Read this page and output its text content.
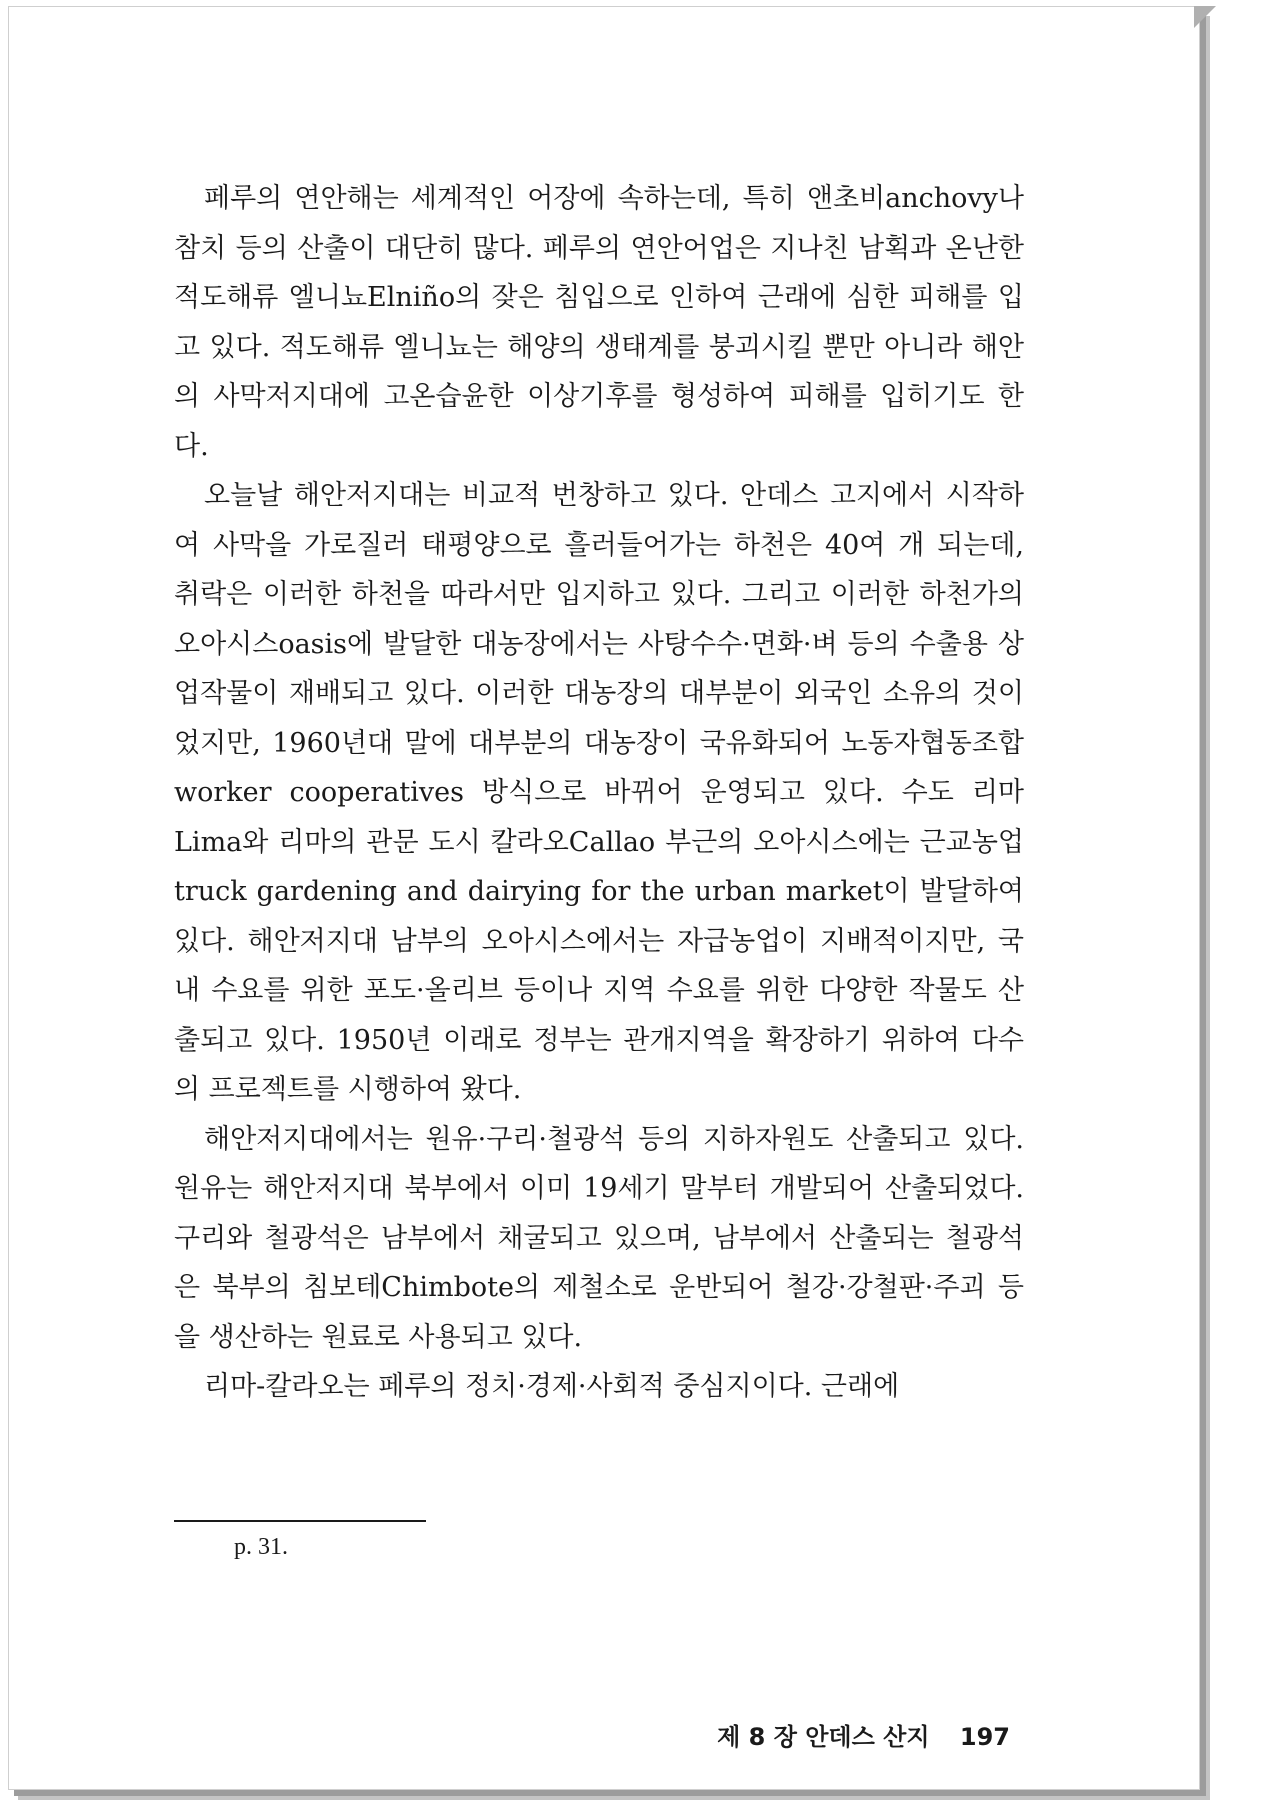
페루의 연안해는 세계적인 어장에 속하는데, 특히 앤초비anchovy나 참치 등의 산출이 대단히 많다. 페루의 연안어업은 지나친 남획과 온난한 적도해류 엘니뇨Elniño의 잦은 침입으로 인하여 근래에 심한 피해를 입고 있다. 적도해류 엘니뇨는 해양의 생태계를 붕괴시킬 뿐만 아니라 해안의 사막저지대에 고온습윤한 이상기후를 형성하여 피해를 입히기도 한다.

오늘날 해안저지대는 비교적 번창하고 있다. 안데스 고지에서 시작하여 사막을 가로질러 태평양으로 흘러들어가는 하천은 40여 개 되는데, 취락은 이러한 하천을 따라서만 입지하고 있다. 그리고 이러한 하천가의 오아시스oasis에 발달한 대농장에서는 사탕수수·면화·벼 등의 수출용 상업작물이 재배되고 있다. 이러한 대농장의 대부분이 외국인 소유의 것이었지만, 1960년대 말에 대부분의 대농장이 국유화되어 노동자협동조합worker cooperatives 방식으로 바뀌어 운영되고 있다. 수도 리마Lima와 리마의 관문 도시 칼라오Callao 부근의 오아시스에는 근교농업truck gardening and dairying for the urban market이 발달하여 있다. 해안저지대 남부의 오아시스에서는 자급농업이 지배적이지만, 국내 수요를 위한 포도·올리브 등이나 지역 수요를 위한 다양한 작물도 산출되고 있다. 1950년 이래로 정부는 관개지역을 확장하기 위하여 다수의 프로젝트를 시행하여 왔다.

해안저지대에서는 원유·구리·철광석 등의 지하자원도 산출되고 있다. 원유는 해안저지대 북부에서 이미 19세기 말부터 개발되어 산출되었다. 구리와 철광석은 남부에서 채굴되고 있으며, 남부에서 산출되는 철광석은 북부의 침보테Chimbote의 제철소로 운반되어 철강·강철판·주괴 등을 생산하는 원료로 사용되고 있다.

리마-칼라오는 페루의 정치·경제·사회적 중심지이다. 근래에

p. 31.
제 8 장 안데스 산지 197
